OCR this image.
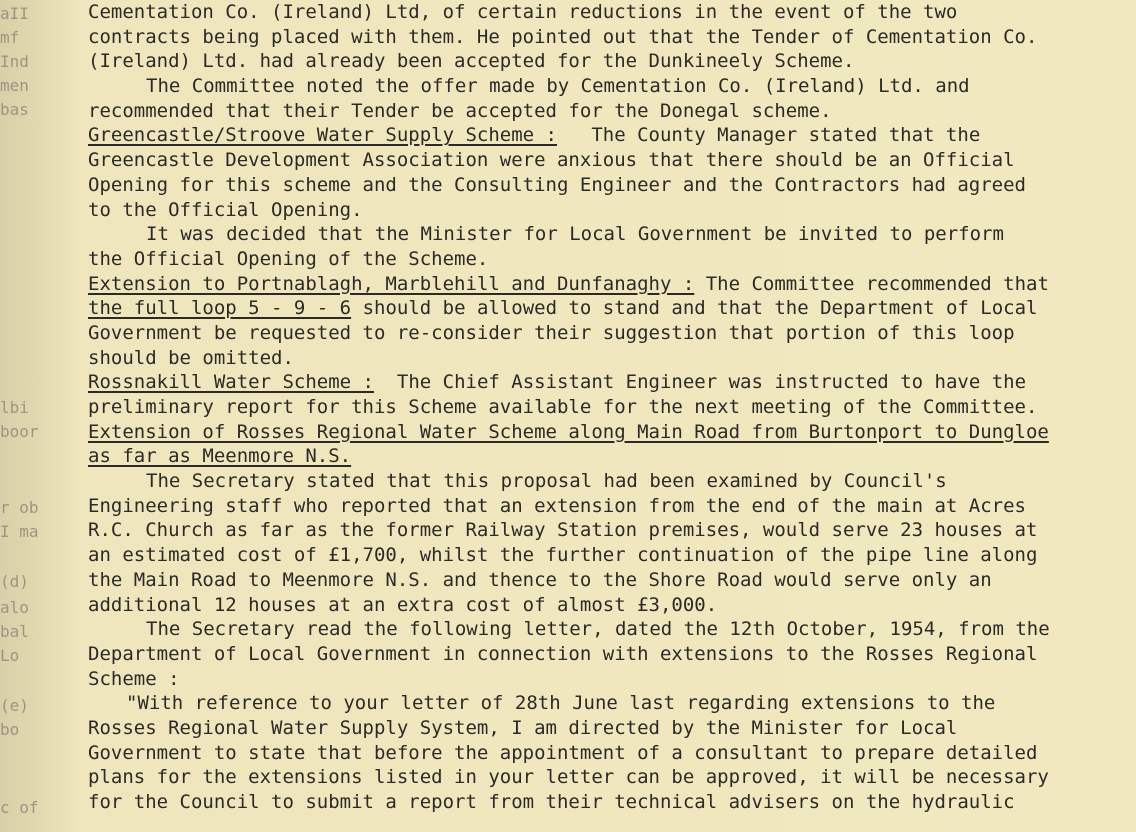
aII
mf
Ind
men
bas
lbi
boor
r ob
I ma
(d)
alo
bal
Lo
(e)
bo
c of
Cementation Co. (Ireland) Ltd, of certain reductions in the event of the two
contracts being placed with them. He pointed out that the Tender of Cementation Co.
(Ireland) Ltd. had already been accepted for the Dunkineely Scheme.
The Committee noted the offer made by Cementation Co. (Ireland) Ltd. and
recommended that their Tender be accepted for the Donegal scheme.
Greencastle/Stroove Water Supply Scheme : The County Manager stated that the
Greencastle Development Association were anxious that there should be an Official
Opening for this scheme and the Consulting Engineer and the Contractors had agreed
to the Official Opening.
It was decided that the Minister for Local Government be invited to perform
the Official Opening of the Scheme.
Extension to Portnablagh, Marblehill and Dunfanaghy : The Committee recommended that
the full loop 5 - 9 - 6 should be allowed to stand and that the Department of Local
Government be requested to re-consider their suggestion that portion of this loop
should be omitted.
Rossnakill Water Scheme : The Chief Assistant Engineer was instructed to have the
preliminary report for this Scheme available for the next meeting of the Committee.
Extension of Rosses Regional Water Scheme along Main Road from Burtonport to Dungloe
as far as Meenmore N.S.
The Secretary stated that this proposal had been examined by Council's
Engineering staff who reported that an extension from the end of the main at Acres
R.C. Church as far as the former Railway Station premises, would serve 23 houses at
an estimated cost of £1,700, whilst the further continuation of the pipe line along
the Main Road to Meenmore N.S. and thence to the Shore Road would serve only an
additional 12 houses at an extra cost of almost £3,000.
The Secretary read the following letter, dated the 12th October, 1954, from the
Department of Local Government in connection with extensions to the Rosses Regional
Scheme :
"With reference to your letter of 28th June last regarding extensions to the
Rosses Regional Water Supply System, I am directed by the Minister for Local
Government to state that before the appointment of a consultant to prepare detailed
plans for the extensions listed in your letter can be approved, it will be necessary
for the Council to submit a report from their technical advisers on the hydraulic
